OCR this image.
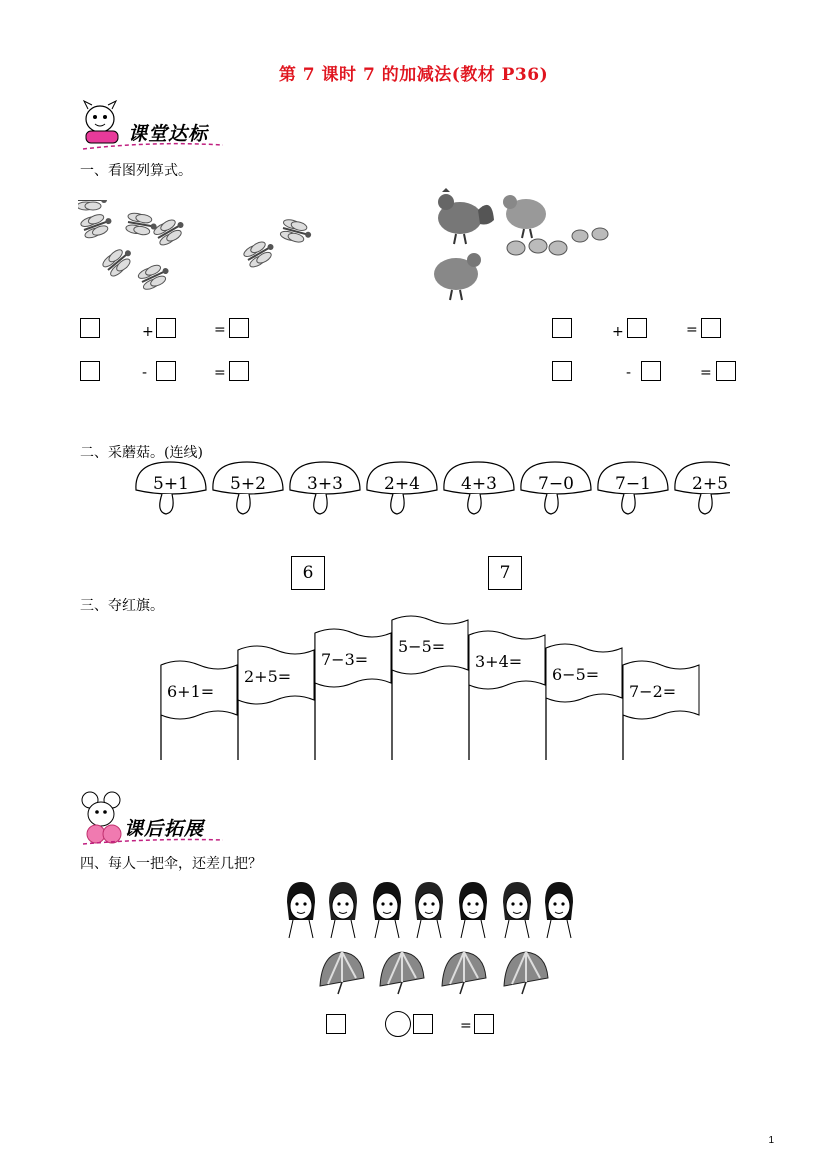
第 7 课时 7 的加减法(教材 P36)
课堂达标
一、看图列算式。
+	=
-	=
+	=
-	=
二、采蘑菇。(连线)
5+1 5+2 3+3 2+4 4+3 7−0 7−1 2+5
6	7
三、夺红旗。
6+1=
2+5=
7−3=
5−5=
3+4=
6−5=
7−2=
课后拓展
四、每人一把伞，还差几把？
=
1
